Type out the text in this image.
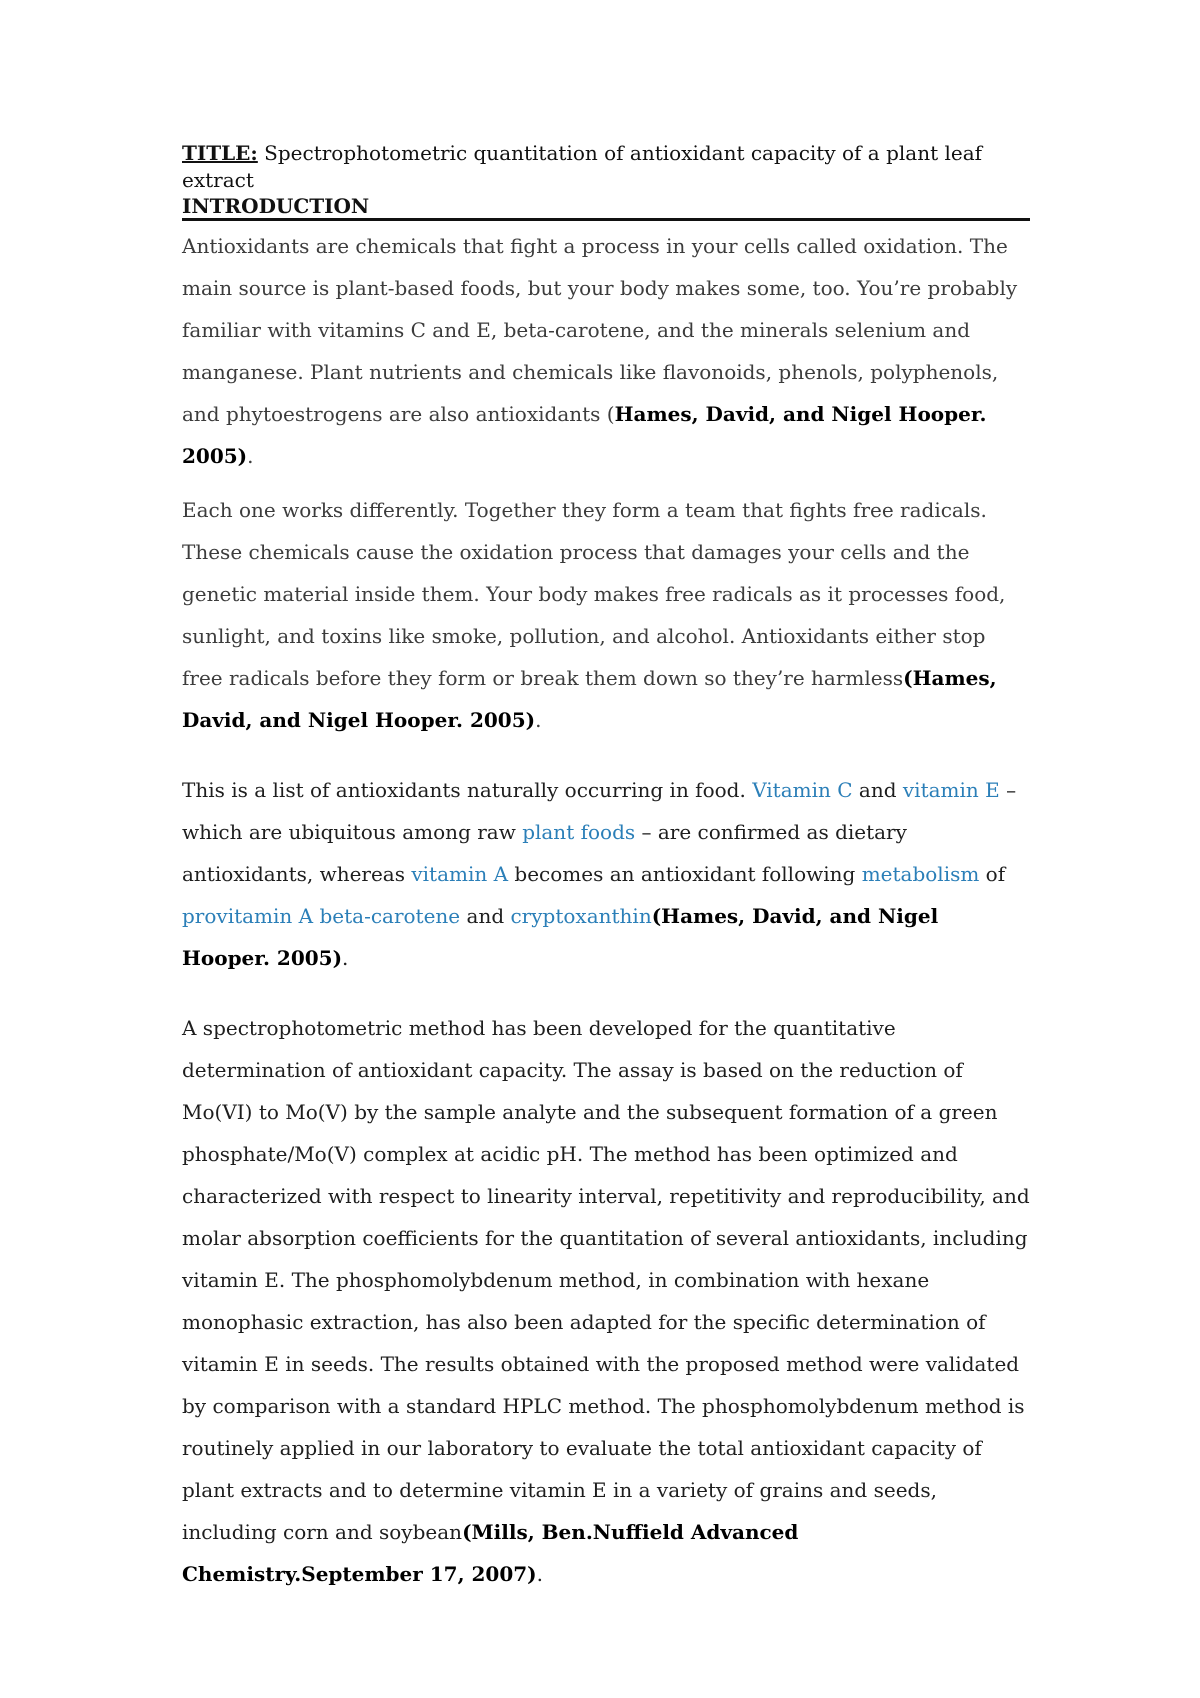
TITLE: Spectrophotometric quantitation of antioxidant capacity of a plant leaf extract

INTRODUCTION

Antioxidants are chemicals that fight a process in your cells called oxidation. The main source is plant-based foods, but your body makes some, too. You’re probably familiar with vitamins C and E, beta-carotene, and the minerals selenium and manganese. Plant nutrients and chemicals like flavonoids, phenols, polyphenols, and phytoestrogens are also antioxidants (Hames, David, and Nigel Hooper. 2005).

Each one works differently. Together they form a team that fights free radicals. These chemicals cause the oxidation process that damages your cells and the genetic material inside them. Your body makes free radicals as it processes food, sunlight, and toxins like smoke, pollution, and alcohol. Antioxidants either stop free radicals before they form or break them down so they’re harmless(Hames, David, and Nigel Hooper. 2005).

This is a list of antioxidants naturally occurring in food. Vitamin C and vitamin E – which are ubiquitous among raw plant foods – are confirmed as dietary antioxidants, whereas vitamin A becomes an antioxidant following metabolism of provitamin A beta-carotene and cryptoxanthin(Hames, David, and Nigel Hooper. 2005).

A spectrophotometric method has been developed for the quantitative determination of antioxidant capacity. The assay is based on the reduction of Mo(VI) to Mo(V) by the sample analyte and the subsequent formation of a green phosphate/Mo(V) complex at acidic pH. The method has been optimized and characterized with respect to linearity interval, repetitivity and reproducibility, and molar absorption coefficients for the quantitation of several antioxidants, including vitamin E. The phosphomolybdenum method, in combination with hexane monophasic extraction, has also been adapted for the specific determination of vitamin E in seeds. The results obtained with the proposed method were validated by comparison with a standard HPLC method. The phosphomolybdenum method is routinely applied in our laboratory to evaluate the total antioxidant capacity of plant extracts and to determine vitamin E in a variety of grains and seeds, including corn and soybean(Mills, Ben.Nuffield Advanced Chemistry.September 17, 2007).
